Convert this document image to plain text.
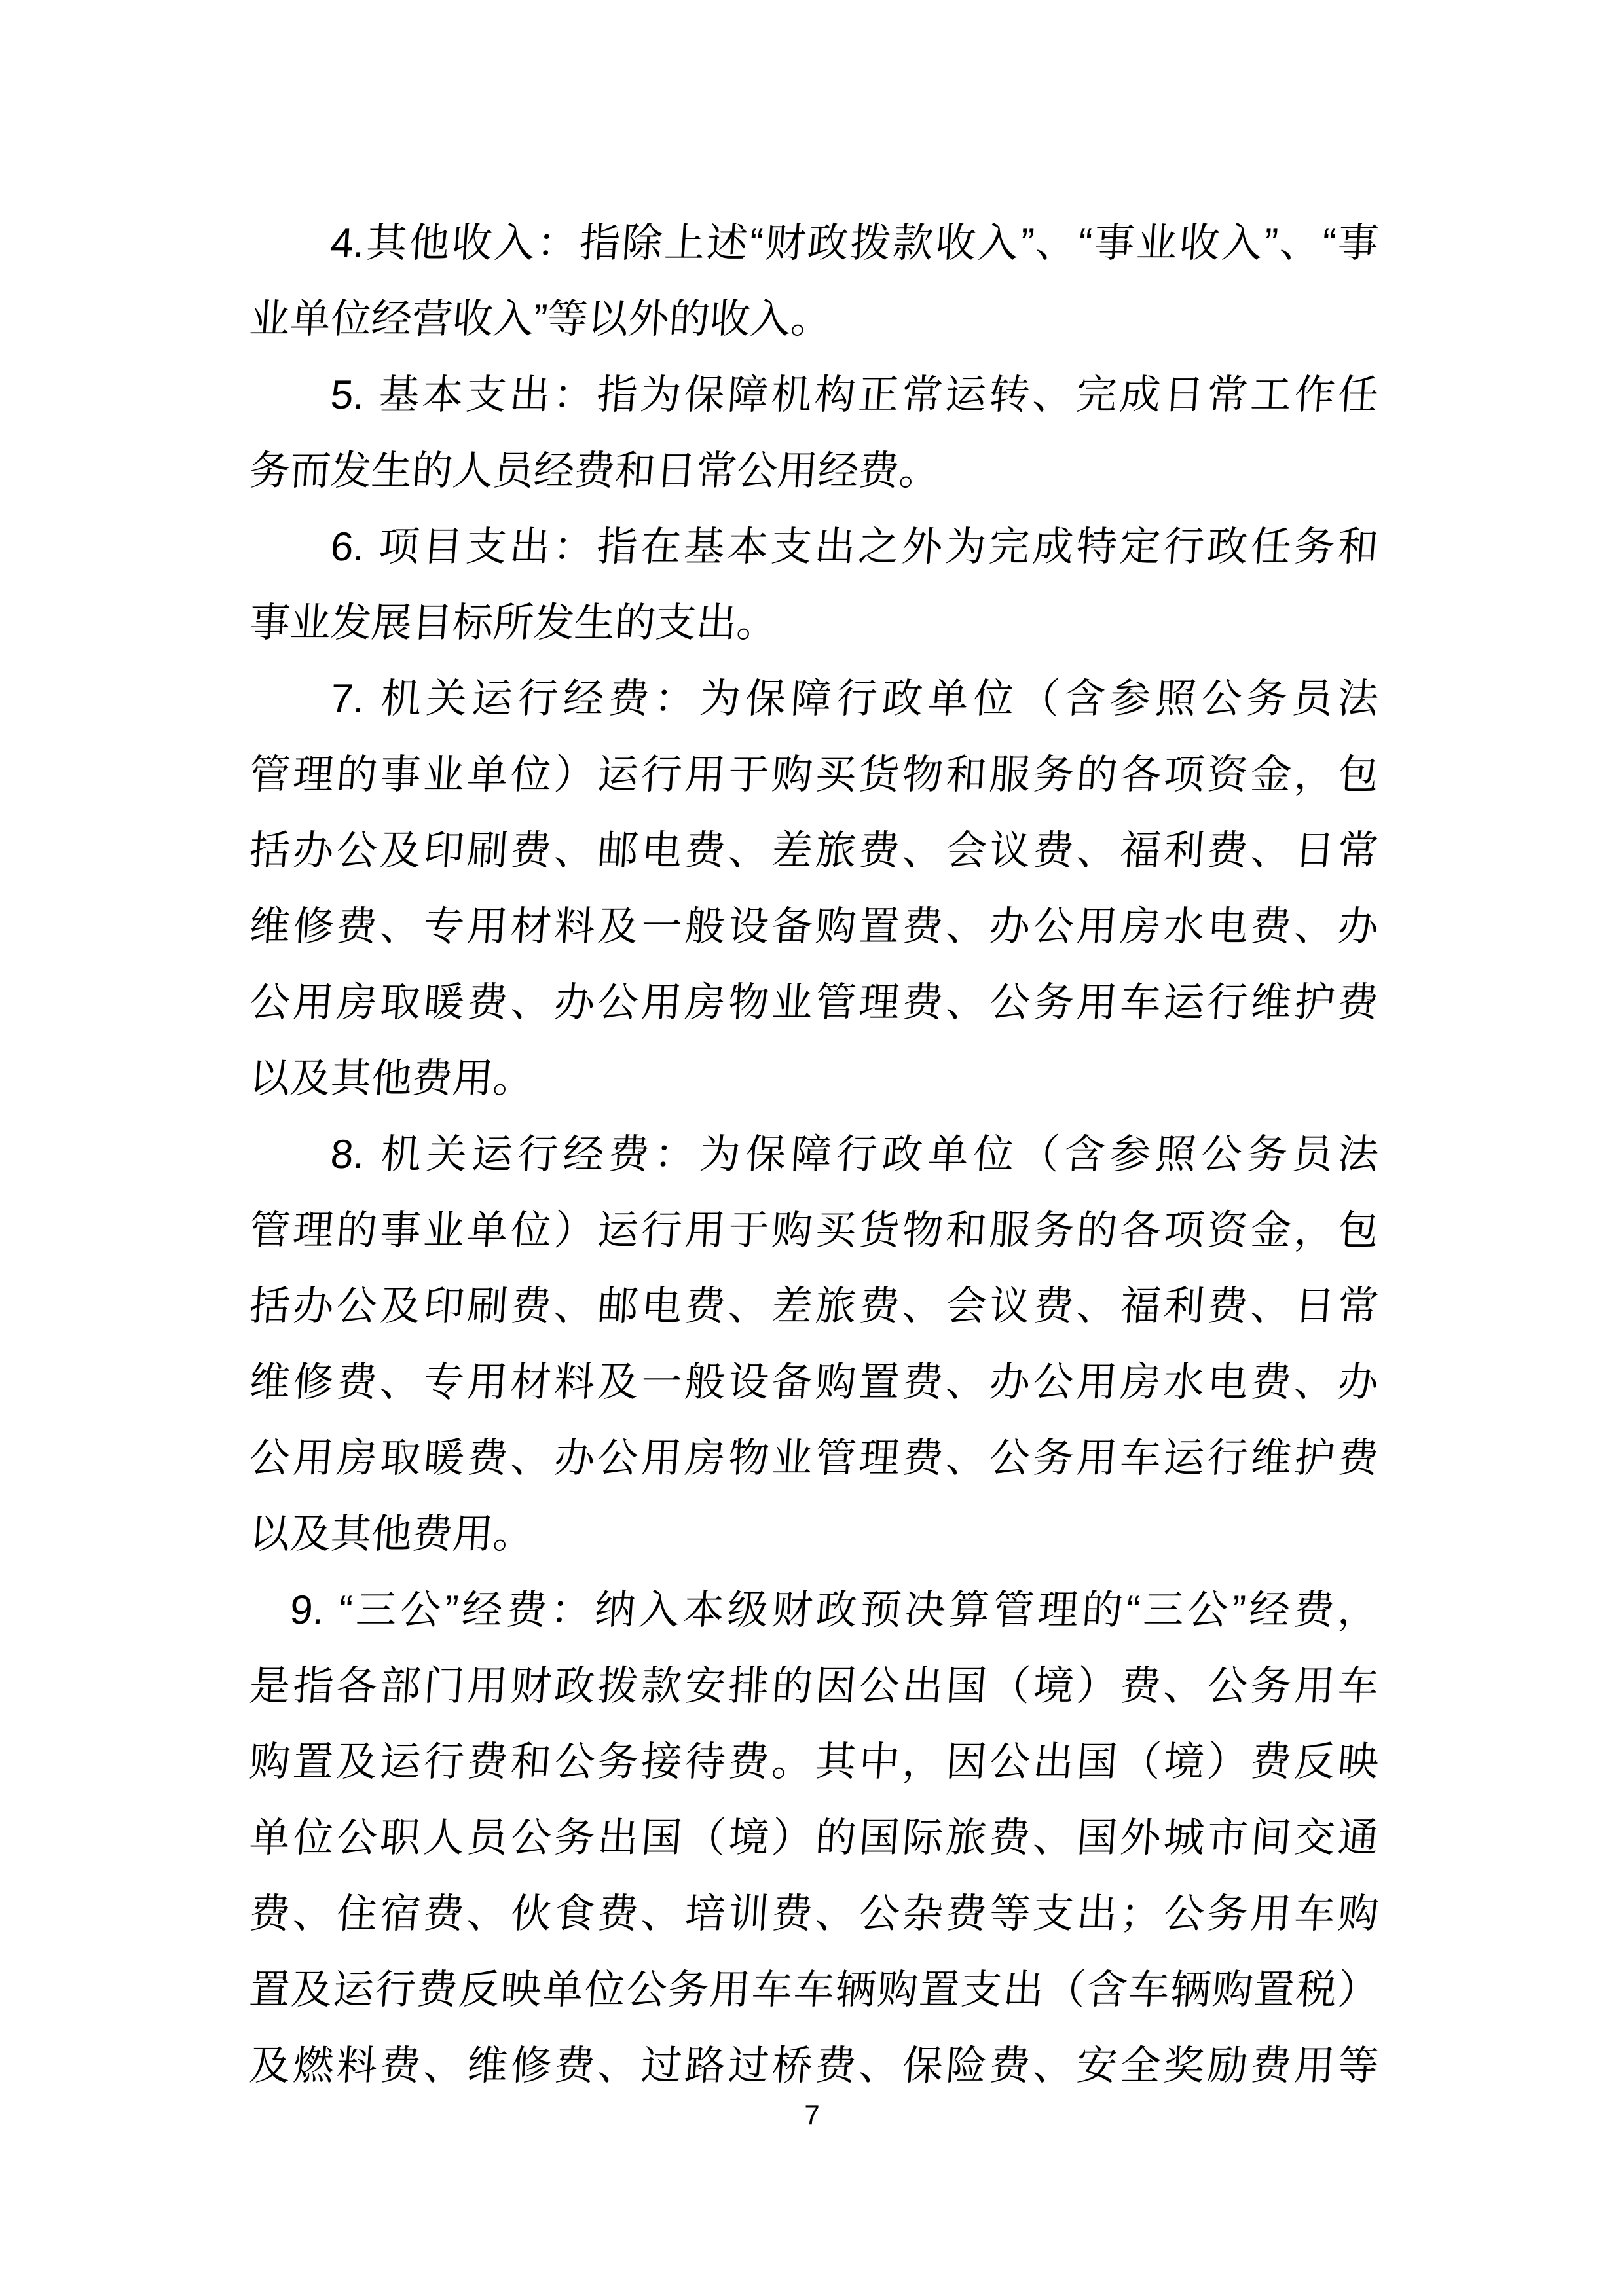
4.其他收入：指除上述“财政拨款收入”、“事业收入”、“事
业单位经营收入”等以外的收入。
5. 基本支出：指为保障机构正常运转、完成日常工作任
务而发生的人员经费和日常公用经费。
6. 项目支出：指在基本支出之外为完成特定行政任务和
事业发展目标所发生的支出。
7. 机关运行经费：为保障行政单位（含参照公务员法
管理的事业单位）运行用于购买货物和服务的各项资金，包
括办公及印刷费、邮电费、差旅费、会议费、福利费、日常
维修费、专用材料及一般设备购置费、办公用房水电费、办
公用房取暖费、办公用房物业管理费、公务用车运行维护费
以及其他费用。
8. 机关运行经费：为保障行政单位（含参照公务员法
管理的事业单位）运行用于购买货物和服务的各项资金，包
括办公及印刷费、邮电费、差旅费、会议费、福利费、日常
维修费、专用材料及一般设备购置费、办公用房水电费、办
公用房取暖费、办公用房物业管理费、公务用车运行维护费
以及其他费用。
9. “三公”经费：纳入本级财政预决算管理的“三公”经费，
是指各部门用财政拨款安排的因公出国（境）费、公务用车
购置及运行费和公务接待费。其中，因公出国（境）费反映
单位公职人员公务出国（境）的国际旅费、国外城市间交通
费、住宿费、伙食费、培训费、公杂费等支出；公务用车购
置及运行费反映单位公务用车车辆购置支出（含车辆购置税）
及燃料费、维修费、过路过桥费、保险费、安全奖励费用等
7
